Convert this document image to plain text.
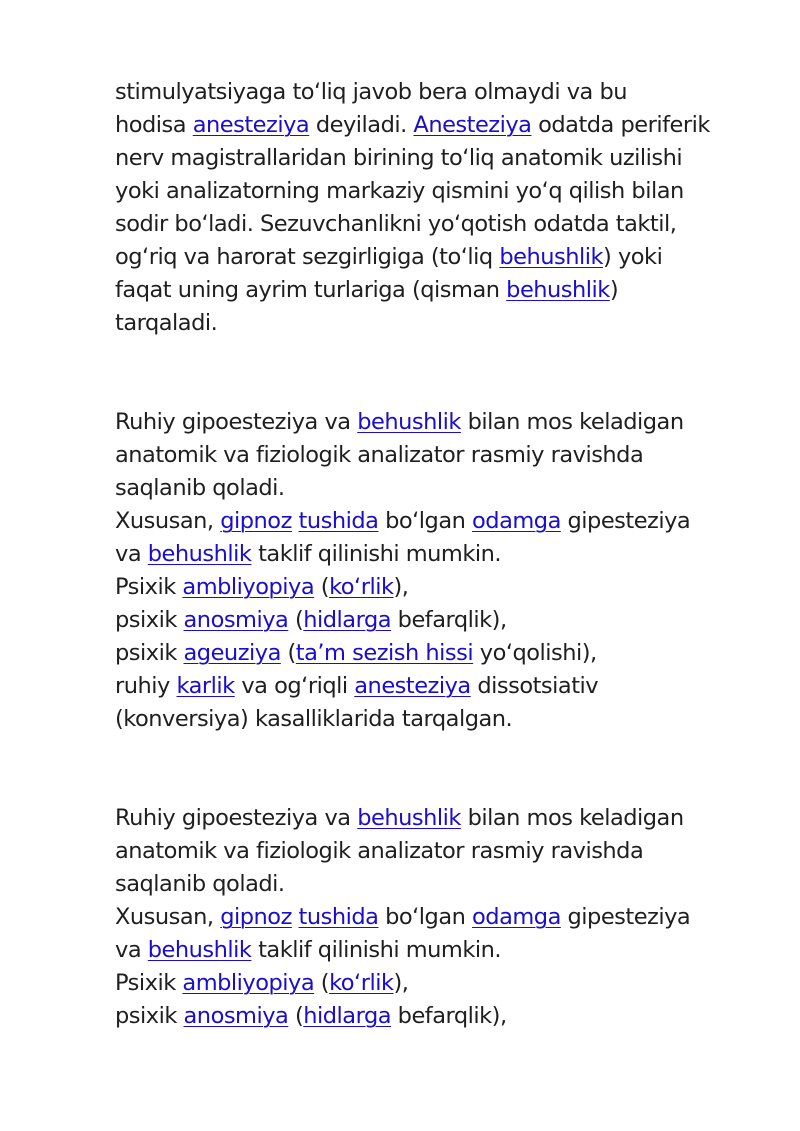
stimulyatsiyaga to‘liq javob bera olmaydi va bu
hodisa anesteziya deyiladi. Anesteziya odatda periferik
nerv magistrallaridan birining to‘liq anatomik uzilishi
yoki analizatorning markaziy qismini yo‘q qilish bilan
sodir bo‘ladi. Sezuvchanlikni yo‘qotish odatda taktil,
og‘riq va harorat sezgirligiga (to‘liq behushlik) yoki
faqat uning ayrim turlariga (qisman behushlik)
tarqaladi.
Ruhiy gipoesteziya va behushlik bilan mos keladigan
anatomik va fiziologik analizator rasmiy ravishda
saqlanib qoladi.
Xususan, gipnoz tushida bo‘lgan odamga gipesteziya
va behushlik taklif qilinishi mumkin.
Psixik ambliyopiya (ko‘rlik),
psixik anosmiya (hidlarga befarqlik),
psixik ageuziya (ta’m sezish hissi yo‘qolishi),
ruhiy karlik va og‘riqli anesteziya dissotsiativ
(konversiya) kasalliklarida tarqalgan.
Ruhiy gipoesteziya va behushlik bilan mos keladigan
anatomik va fiziologik analizator rasmiy ravishda
saqlanib qoladi.
Xususan, gipnoz tushida bo‘lgan odamga gipesteziya
va behushlik taklif qilinishi mumkin.
Psixik ambliyopiya (ko‘rlik),
psixik anosmiya (hidlarga befarqlik),
